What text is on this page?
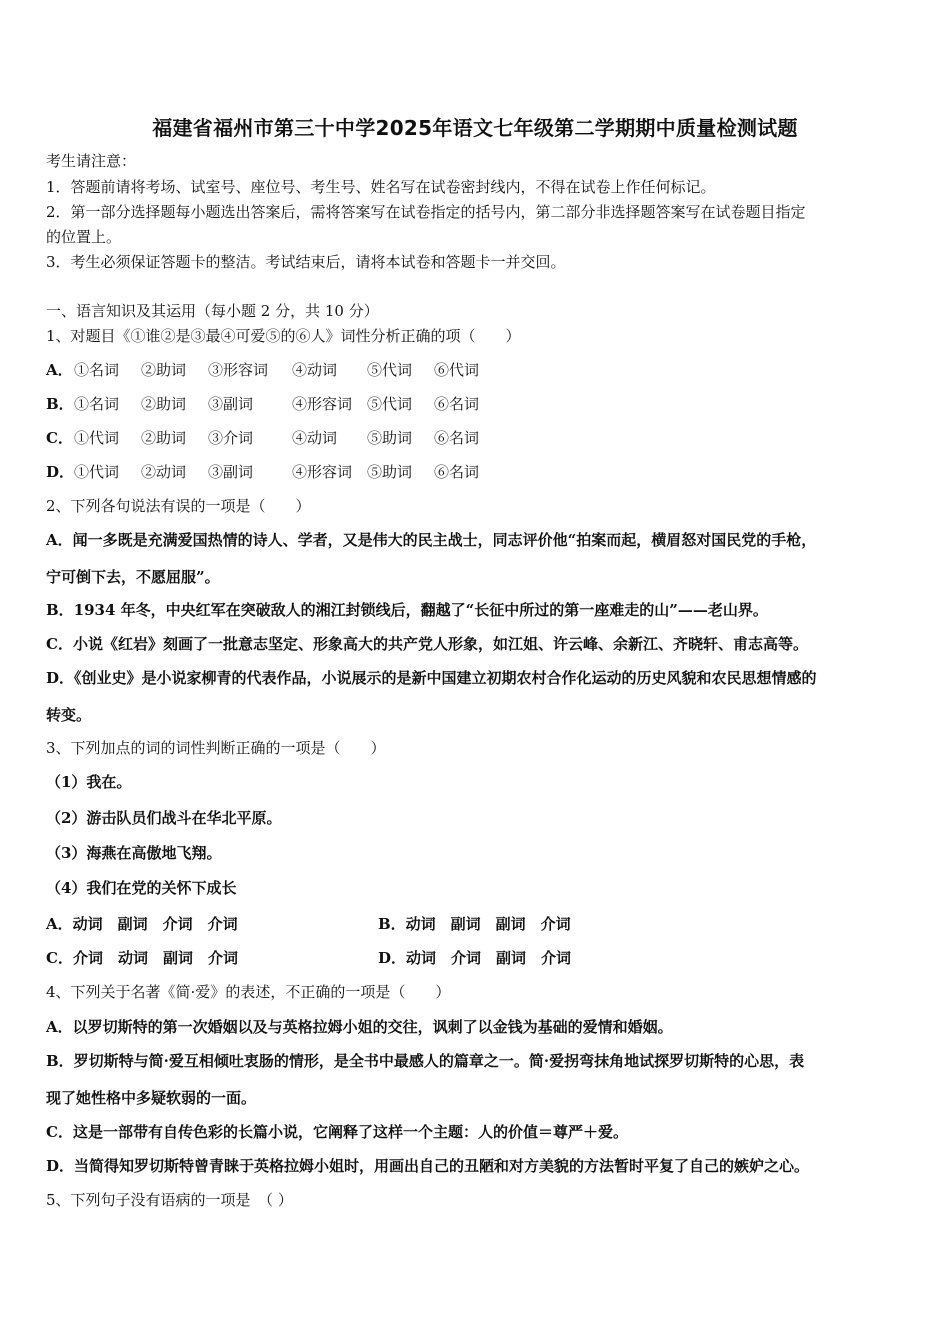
福建省福州市第三十中学2025年语文七年级第二学期期中质量检测试题
考生请注意：
1．答题前请将考场、试室号、座位号、考生号、姓名写在试卷密封线内，不得在试卷上作任何标记。
2．第一部分选择题每小题选出答案后，需将答案写在试卷指定的括号内，第二部分非选择题答案写在试卷题目指定
的位置上。
3．考生必须保证答题卡的整洁。考试结束后，请将本试卷和答题卡一并交回。
一、语言知识及其运用（每小题 2 分，共 10 分）
1、对题目《①谁②是③最④可爱⑤的⑥人》词性分析正确的项（　　）
A．①名词 ②助词 ③形容词 ④动词 ⑤代词 ⑥代词
B．①名词 ②助词 ③副词	④形容词 ⑤代词 ⑥名词
C．①代词 ②助词 ③介词	④动词 ⑤助词 ⑥名词
D．①代词 ②动词 ③副词	④形容词 ⑤助词 ⑥名词
2、下列各句说法有误的一项是（　　）
A．闻一多既是充满爱国热情的诗人、学者，又是伟大的民主战士，同志评价他“拍案而起，横眉怒对国民党的手枪，
宁可倒下去，不愿屈服”。
B．1934 年冬，中央红军在突破敌人的湘江封锁线后，翻越了“长征中所过的第一座难走的山”——老山界。
C．小说《红岩》刻画了一批意志坚定、形象高大的共产党人形象，如江姐、许云峰、余新江、齐晓轩、甫志高等。
D．《创业史》是小说家柳青的代表作品，小说展示的是新中国建立初期农村合作化运动的历史风貌和农民思想情感的
转变。
3、下列加点的词的词性判断正确的一项是（　　）
（1）我在。
（2）游击队员们战斗在华北平原。
（3）海燕在高傲地飞翔。
（4）我们在党的关怀下成长
A．动词　副词　介词　介词	B．动词　副词　副词　介词
C．介词　动词　副词　介词	D．动词　介词　副词　介词
4、下列关于名著《简·爱》的表述，不正确的一项是（　　）
A．以罗切斯特的第一次婚姻以及与英格拉姆小姐的交往，讽刺了以金钱为基础的爱情和婚姻。
B．罗切斯特与简·爱互相倾吐衷肠的情形，是全书中最感人的篇章之一。简·爱拐弯抹角地试探罗切斯特的心思，表
现了她性格中多疑软弱的一面。
C．这是一部带有自传色彩的长篇小说，它阐释了这样一个主题：人的价值＝尊严＋爱。
D．当简得知罗切斯特曾青睐于英格拉姆小姐时，用画出自己的丑陋和对方美貌的方法暂时平复了自己的嫉妒之心。
5、下列句子没有语病的一项是　（ ）
